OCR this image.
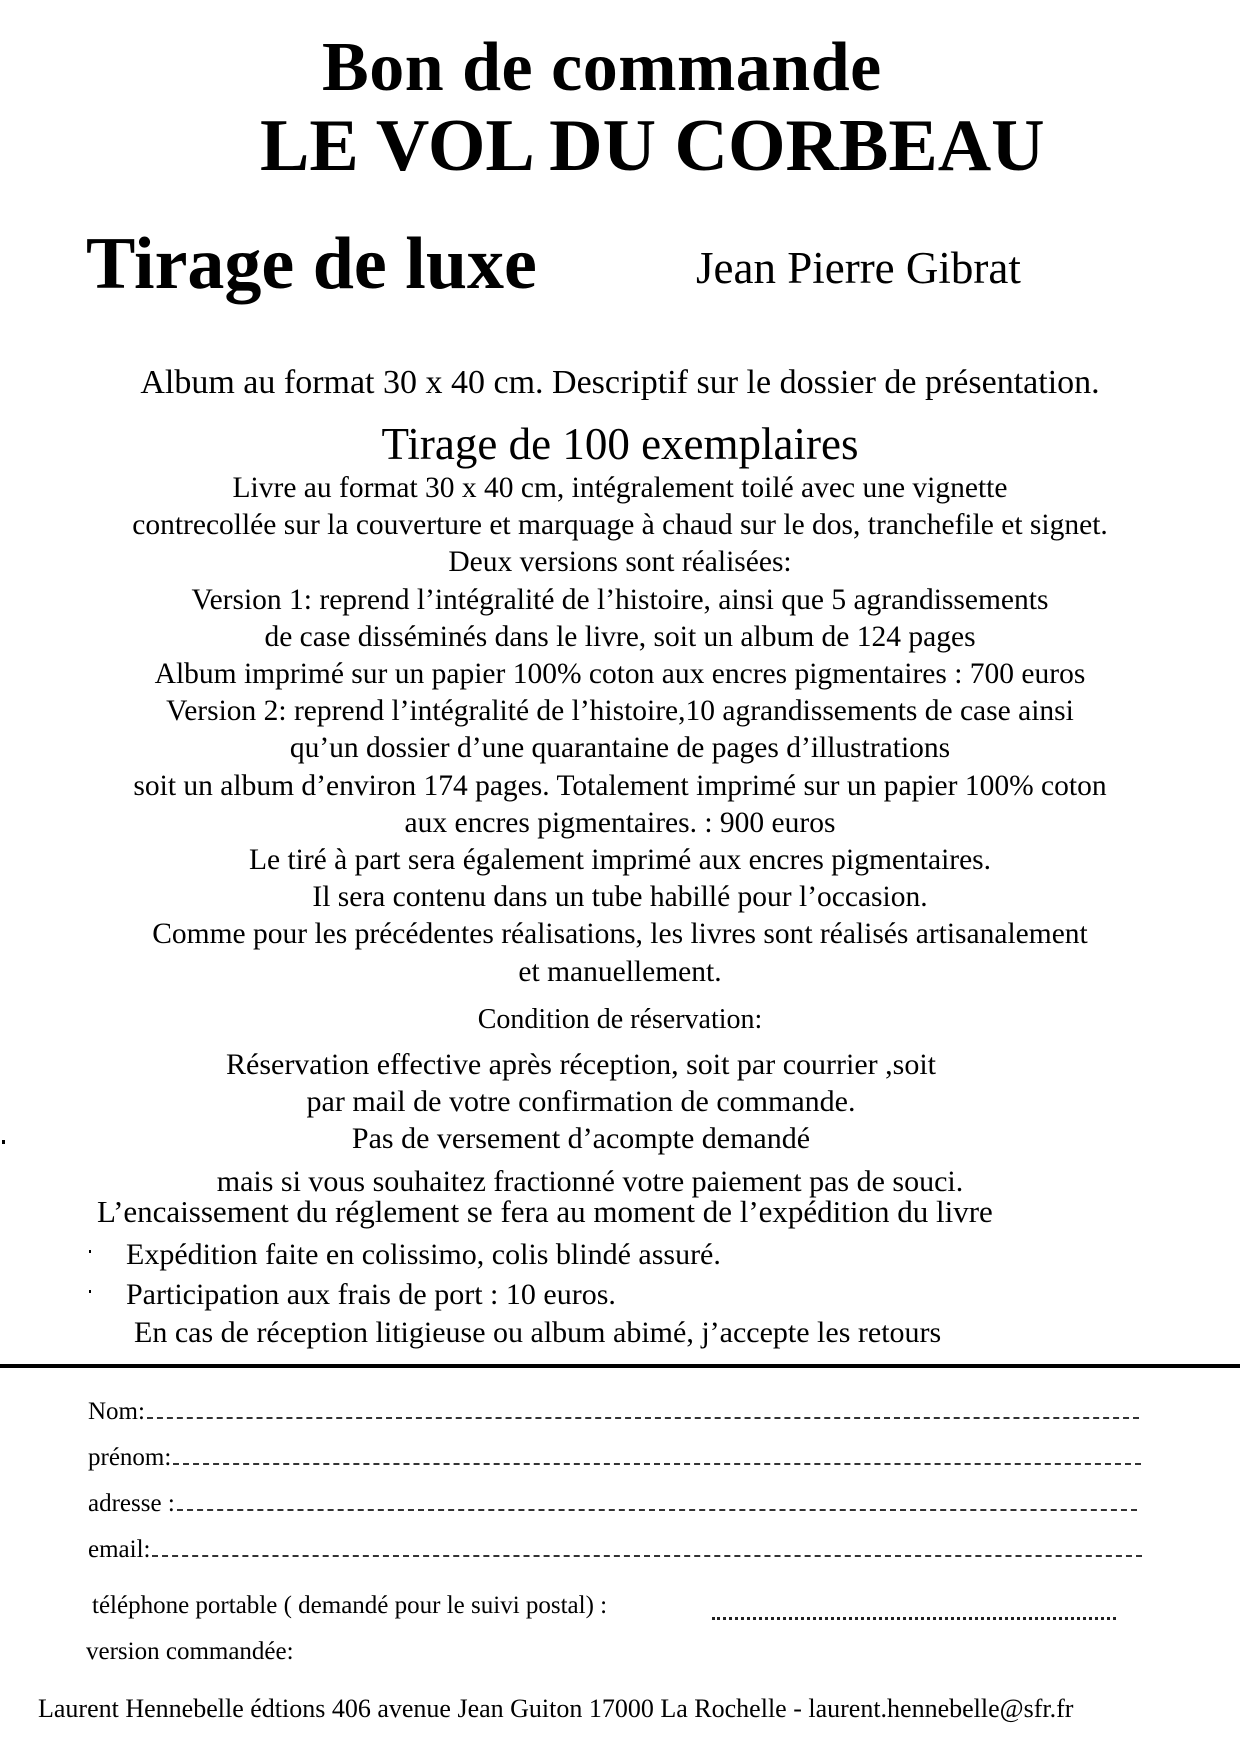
Bon de commande
LE VOL DU CORBEAU
Tirage de luxe	Jean Pierre Gibrat
Album au format 30 x 40 cm. Descriptif sur le dossier de présentation.
Tirage de 100 exemplaires
Livre au format 30 x 40 cm, intégralement toilé avec une vignette
contrecollée sur la couverture et marquage à chaud sur le dos, tranchefile et signet.
Deux versions sont réalisées:
Version 1: reprend l’intégralité de l’histoire, ainsi que 5 agrandissements
de case disséminés dans le livre, soit un album de 124 pages
Album imprimé sur un papier 100% coton aux encres pigmentaires : 700 euros
Version 2: reprend l’intégralité de l’histoire,10 agrandissements de case ainsi
qu’un dossier d’une quarantaine de pages d’illustrations
soit un album d’environ 174 pages. Totalement imprimé sur un papier 100% coton
aux encres pigmentaires. : 900 euros
Le tiré à part sera également imprimé aux encres pigmentaires.
Il sera contenu dans un tube habillé pour l’occasion.
Comme pour les précédentes réalisations, les livres sont réalisés artisanalement
et manuellement.
Condition de réservation:
Réservation effective après réception, soit par courrier ,soit
par mail de votre confirmation de commande.
Pas de versement d’acompte demandé
mais si vous souhaitez fractionné votre paiement pas de souci.
L’encaissement du réglement se fera au moment de l’expédition du livre
Expédition faite en colissimo, colis blindé assuré.
Participation aux frais de port : 10 euros.
En cas de réception litigieuse ou album abimé, j’accepte les retours
Nom:
prénom:
adresse :
email:
téléphone portable ( demandé pour le suivi postal) :
version commandée:
Laurent Hennebelle édtions 406 avenue Jean Guiton 17000 La Rochelle - laurent.hennebelle@sfr.fr
